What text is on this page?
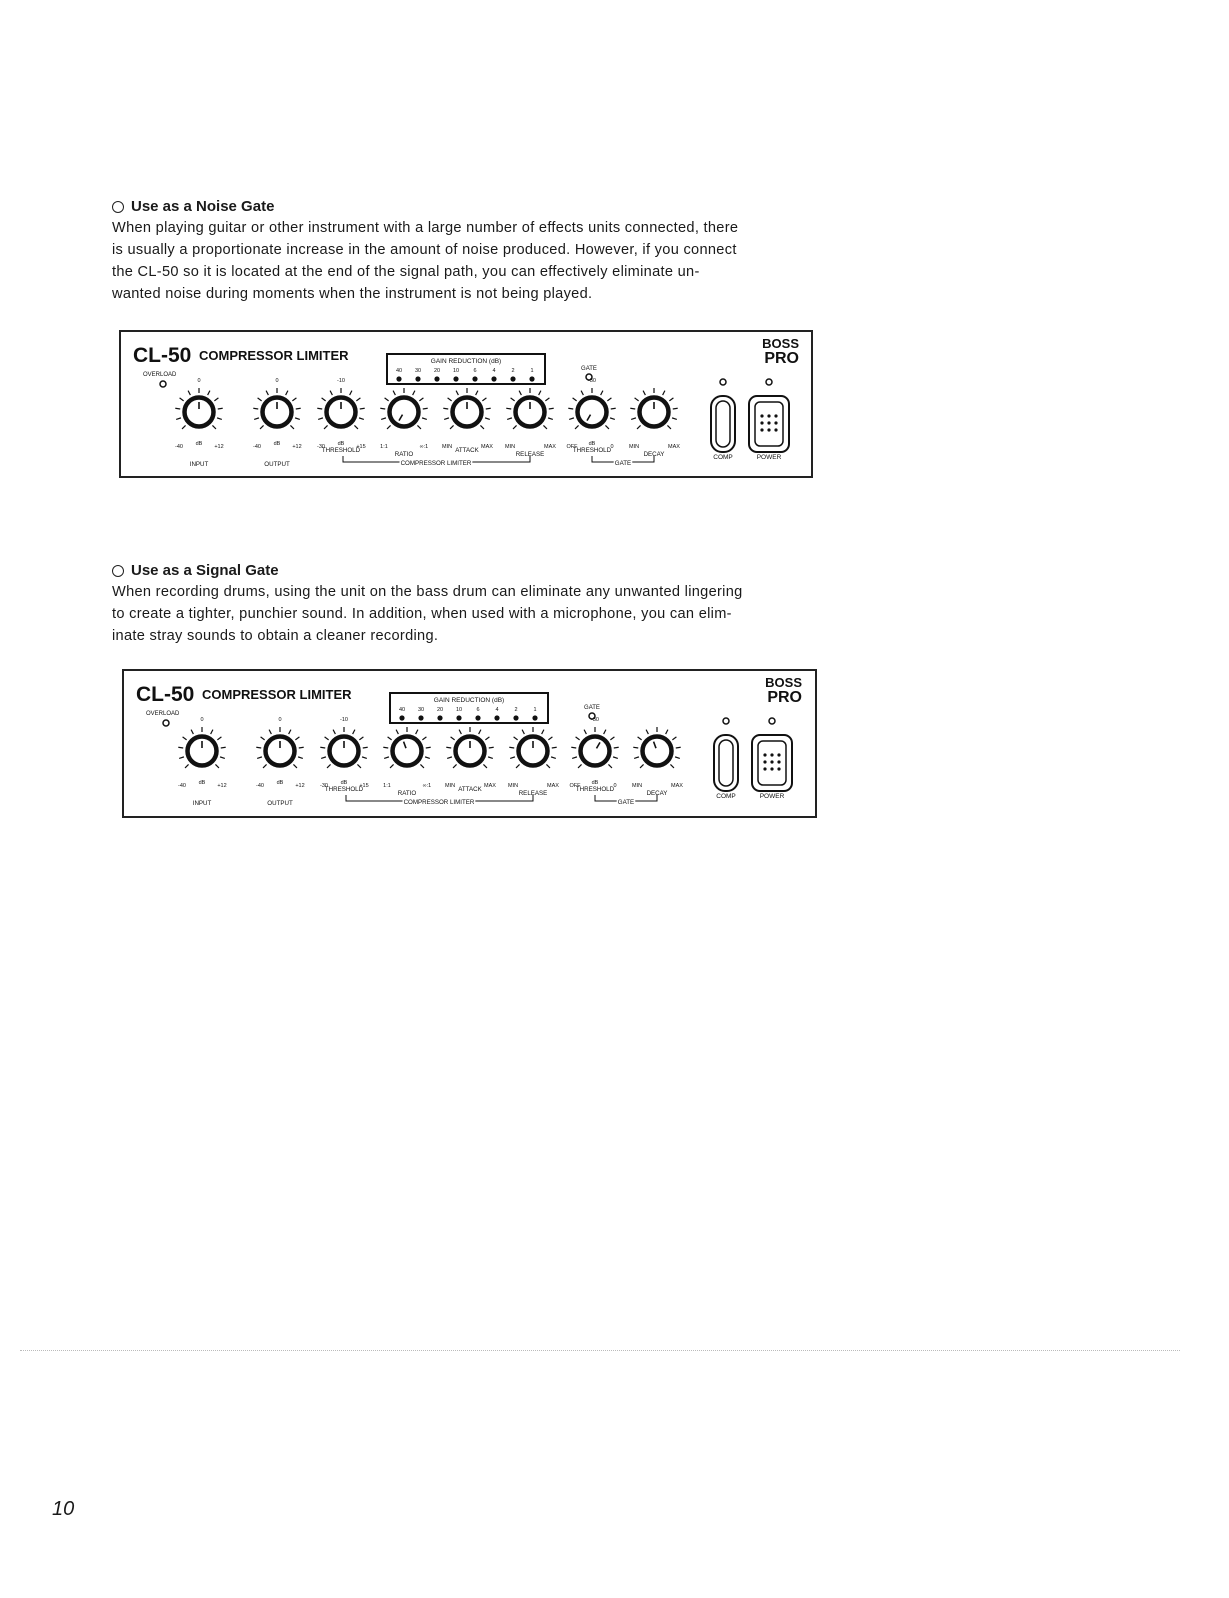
Use as a Noise Gate
When playing guitar or other instrument with a large number of effects units connected, there
is usually a proportionate increase in the amount of noise produced. However, if you connect
the CL-50 so it is located at the end of the signal path, you can effectively eliminate un-
wanted noise during moments when the instrument is not being played.
CL-50 COMPRESSOR LIMITER
BOSS
PRO
OVERLOAD
GAIN REDUCTION (dB)
40 30 20 10	6	4	2	1	GATE
0
-40	+12
dB
INPUT
0
-40	+12
dB
OUTPUT
-10
-30	+15
dB
THRESHOLD	1:1	∞:1
RATIO
MIN	MAX
ATTACK	MIN	MAX
RELEASE
-30
OFF	0
dB
THRESHOLD	MIN	MAX
DECAY
COMPRESSOR LIMITER	GATE
COMP	POWER
Use as a Signal Gate
When recording drums, using the unit on the bass drum can eliminate any unwanted lingering
to create a tighter, punchier sound. In addition, when used with a microphone, you can elim-
inate stray sounds to obtain a cleaner recording.
CL-50 COMPRESSOR LIMITER
BOSS
PRO
OVERLOAD
GAIN REDUCTION (dB)
40 30 20 10	6	4	2	1	GATE
0
-40	+12
dB
INPUT
0
-40	+12
dB
OUTPUT
-10
-30	+15
dB
THRESHOLD	1:1	∞:1
RATIO
MIN	MAX
ATTACK	MIN	MAX
RELEASE
-30
OFF	0
dB
THRESHOLD	MIN	MAX
DECAY
COMPRESSOR LIMITER	GATE
COMP	POWER
10
